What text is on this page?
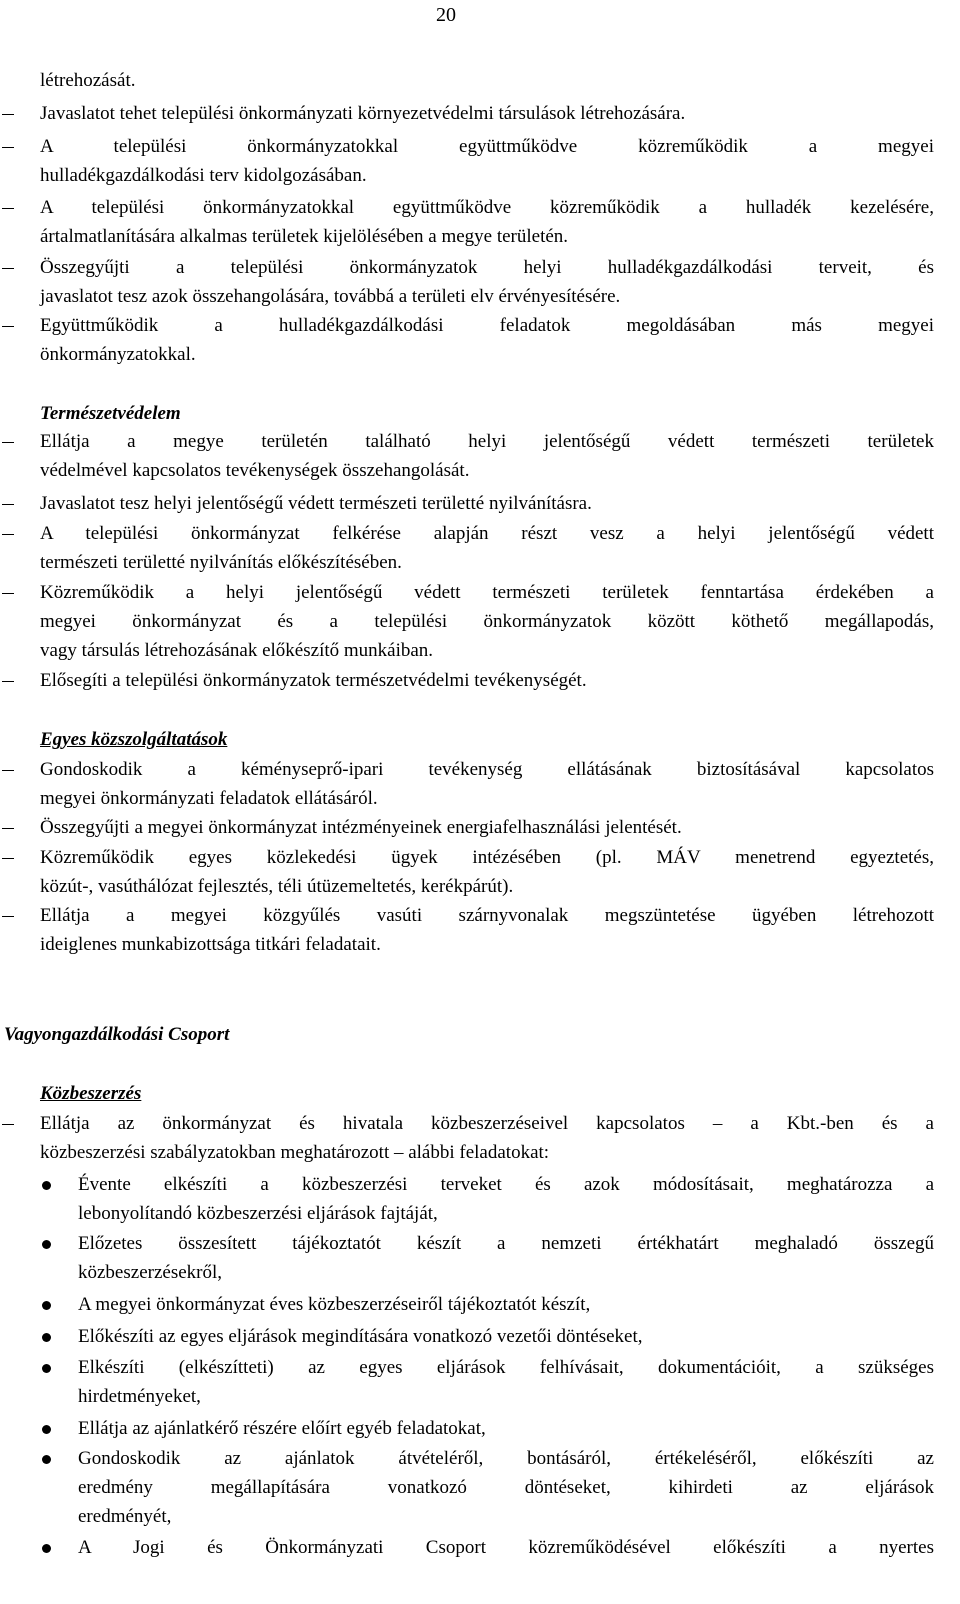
20
létrehozását.
Javaslatot tehet települési önkormányzati környezetvédelmi társulások létrehozására.
A települési önkormányzatokkal együttműködve közreműködik a megyei
hulladékgazdálkodási terv kidolgozásában.
A települési önkormányzatokkal együttműködve közreműködik a hulladék kezelésére,
ártalmatlanítására alkalmas területek kijelölésében a megye területén.
Összegyűjti a települési önkormányzatok helyi hulladékgazdálkodási terveit, és
javaslatot tesz azok összehangolására, továbbá a területi elv érvényesítésére.
Együttműködik a hulladékgazdálkodási feladatok megoldásában más megyei
önkormányzatokkal.
Természetvédelem
Ellátja a megye területén található helyi jelentőségű védett természeti területek
védelmével kapcsolatos tevékenységek összehangolását.
Javaslatot tesz helyi jelentőségű védett természeti területté nyilvánításra.
A települési önkormányzat felkérése alapján részt vesz a helyi jelentőségű védett
természeti területté nyilvánítás előkészítésében.
Közreműködik a helyi jelentőségű védett természeti területek fenntartása érdekében a
megyei önkormányzat és a települési önkormányzatok között köthető megállapodás,
vagy társulás létrehozásának előkészítő munkáiban.
Elősegíti a települési önkormányzatok természetvédelmi tevékenységét.
Egyes közszolgáltatások
Gondoskodik a kéményseprő-ipari tevékenység ellátásának biztosításával kapcsolatos
megyei önkormányzati feladatok ellátásáról.
Összegyűjti a megyei önkormányzat intézményeinek energiafelhasználási jelentését.
Közreműködik egyes közlekedési ügyek intézésében (pl. MÁV menetrend egyeztetés,
közút-, vasúthálózat fejlesztés, téli útüzemeltetés, kerékpárút).
Ellátja a megyei közgyűlés vasúti szárnyvonalak megszüntetése ügyében létrehozott
ideiglenes munkabizottsága titkári feladatait.
Vagyongazdálkodási Csoport
Közbeszerzés
Ellátja az önkormányzat és hivatala közbeszerzéseivel kapcsolatos – a Kbt.-ben és a
közbeszerzési szabályzatokban meghatározott – alábbi feladatokat:
Évente elkészíti a közbeszerzési terveket és azok módosításait, meghatározza a
lebonyolítandó közbeszerzési eljárások fajtáját,
Előzetes összesített tájékoztatót készít a nemzeti értékhatárt meghaladó összegű
közbeszerzésekről,
A megyei önkormányzat éves közbeszerzéseiről tájékoztatót készít,
Előkészíti az egyes eljárások megindítására vonatkozó vezetői döntéseket,
Elkészíti (elkészítteti) az egyes eljárások felhívásait, dokumentációit, a szükséges
hirdetményeket,
Ellátja az ajánlatkérő részére előírt egyéb feladatokat,
Gondoskodik az ajánlatok átvételéről, bontásáról, értékeléséről, előkészíti az
eredmény megállapítására vonatkozó döntéseket, kihirdeti az eljárások
eredményét,
A Jogi és Önkormányzati Csoport közreműködésével előkészíti a nyertes
